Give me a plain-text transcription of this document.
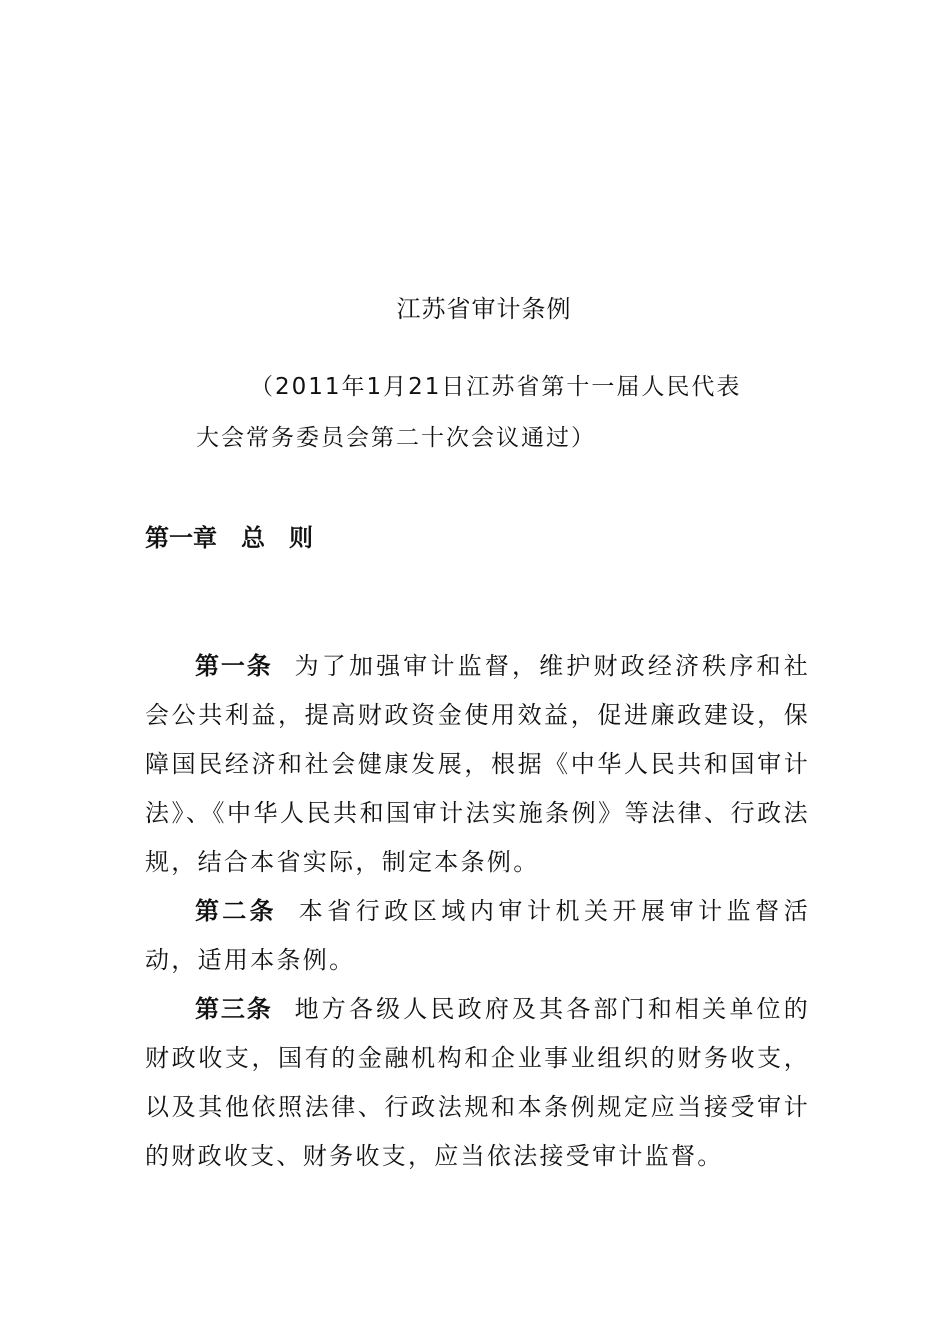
江苏省审计条例
（2011年1月21日江苏省第十一届人民代表
大会常务委员会第二十次会议通过）
第一章　总　则

第一条 为了加强审计监督，维护财政经济秩序和社会公共利益，提高财政资金使用效益，促进廉政建设，保障国民经济和社会健康发展，根据《中华人民共和国审计法》、《中华人民共和国审计法实施条例》等法律、行政法规，结合本省实际，制定本条例。

第二条 本省行政区域内审计机关开展审计监督活动，适用本条例。

第三条 地方各级人民政府及其各部门和相关单位的财政收支，国有的金融机构和企业事业组织的财务收支，以及其他依照法律、行政法规和本条例规定应当接受审计的财政收支、财务收支，应当依法接受审计监督。
